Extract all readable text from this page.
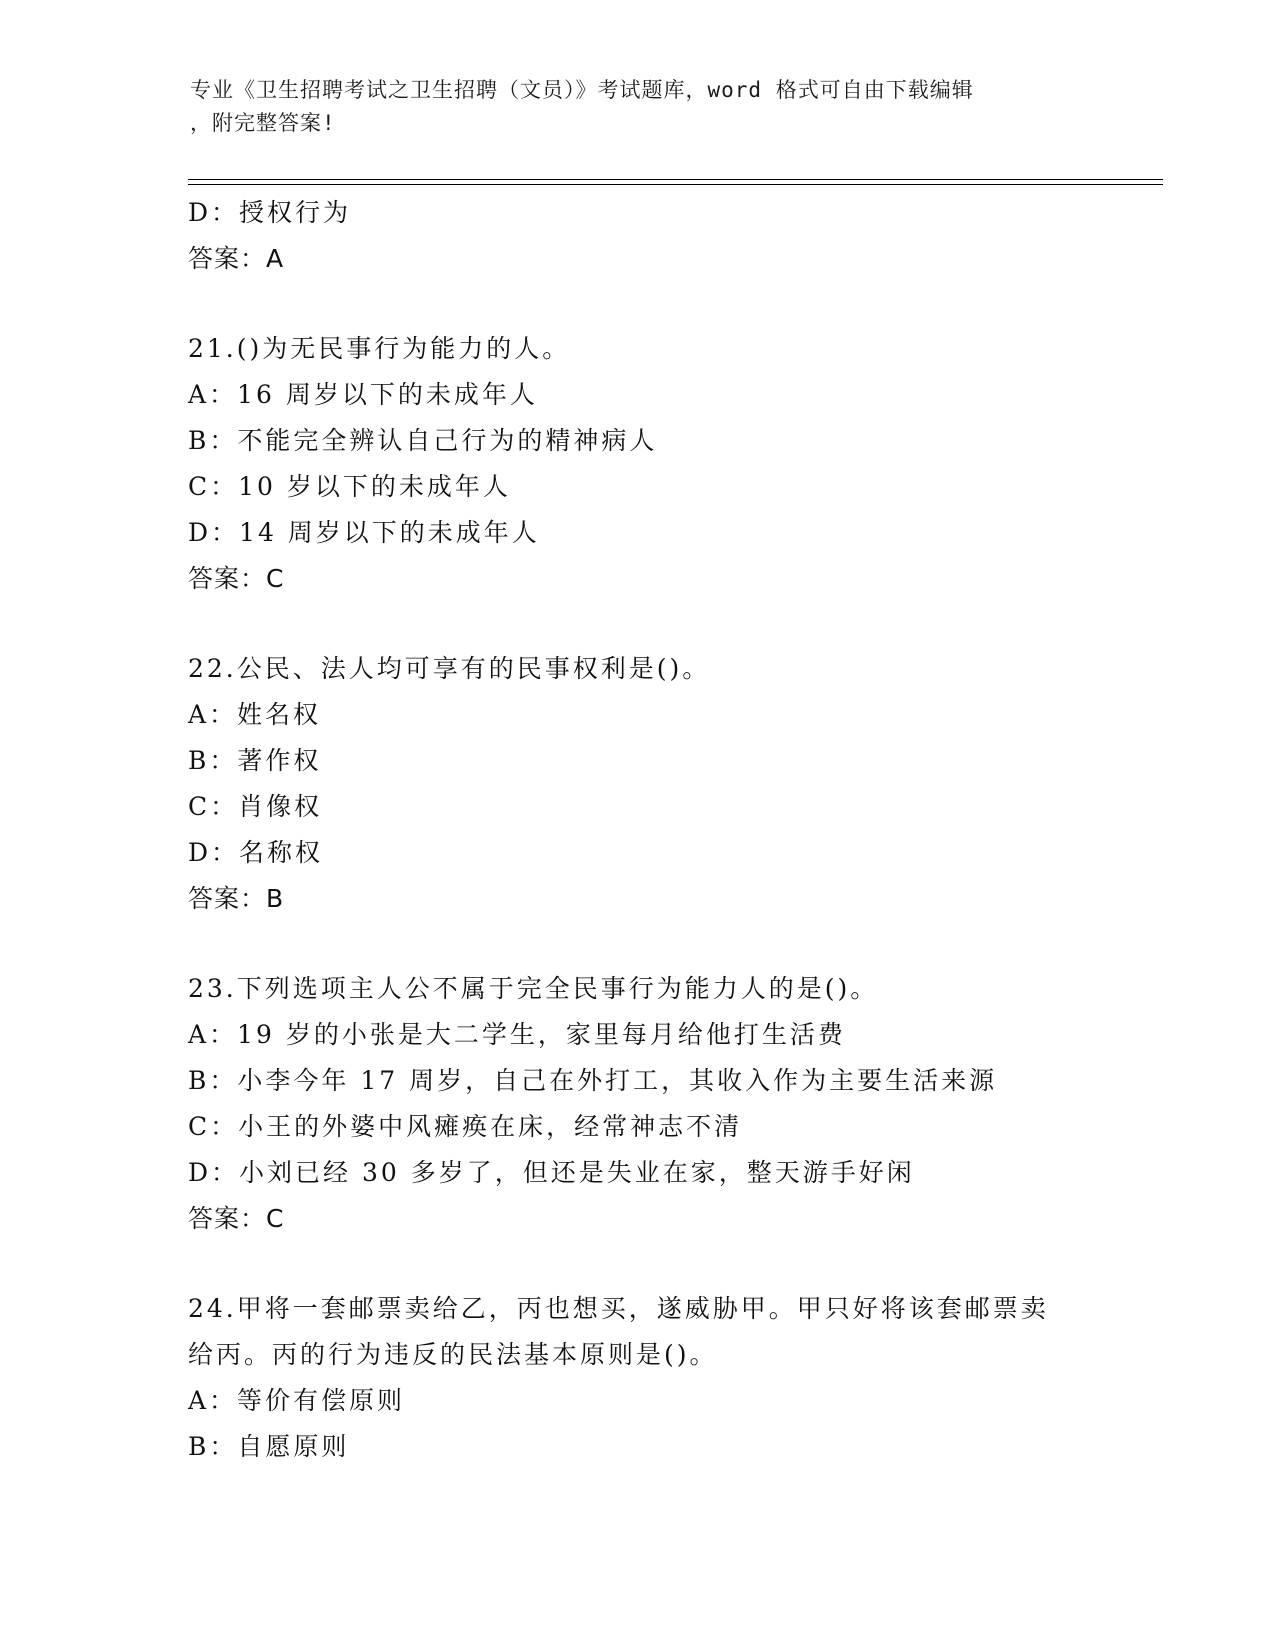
专业《卫生招聘考试之卫生招聘（文员）》考试题库，word 格式可自由下载编辑
，附完整答案!
D：授权行为
答案：A
21.()为无民事行为能力的人。
A：16 周岁以下的未成年人
B：不能完全辨认自己行为的精神病人
C：10 岁以下的未成年人
D：14 周岁以下的未成年人
答案：C
22.公民、法人均可享有的民事权利是()。
A：姓名权
B：著作权
C：肖像权
D：名称权
答案：B
23.下列选项主人公不属于完全民事行为能力人的是()。
A：19 岁的小张是大二学生，家里每月给他打生活费
B：小李今年 17 周岁，自己在外打工，其收入作为主要生活来源
C：小王的外婆中风瘫痪在床，经常神志不清
D：小刘已经 30 多岁了，但还是失业在家，整天游手好闲
答案：C
24.甲将一套邮票卖给乙，丙也想买，遂威胁甲。甲只好将该套邮票卖
给丙。丙的行为违反的民法基本原则是()。
A：等价有偿原则
B：自愿原则
